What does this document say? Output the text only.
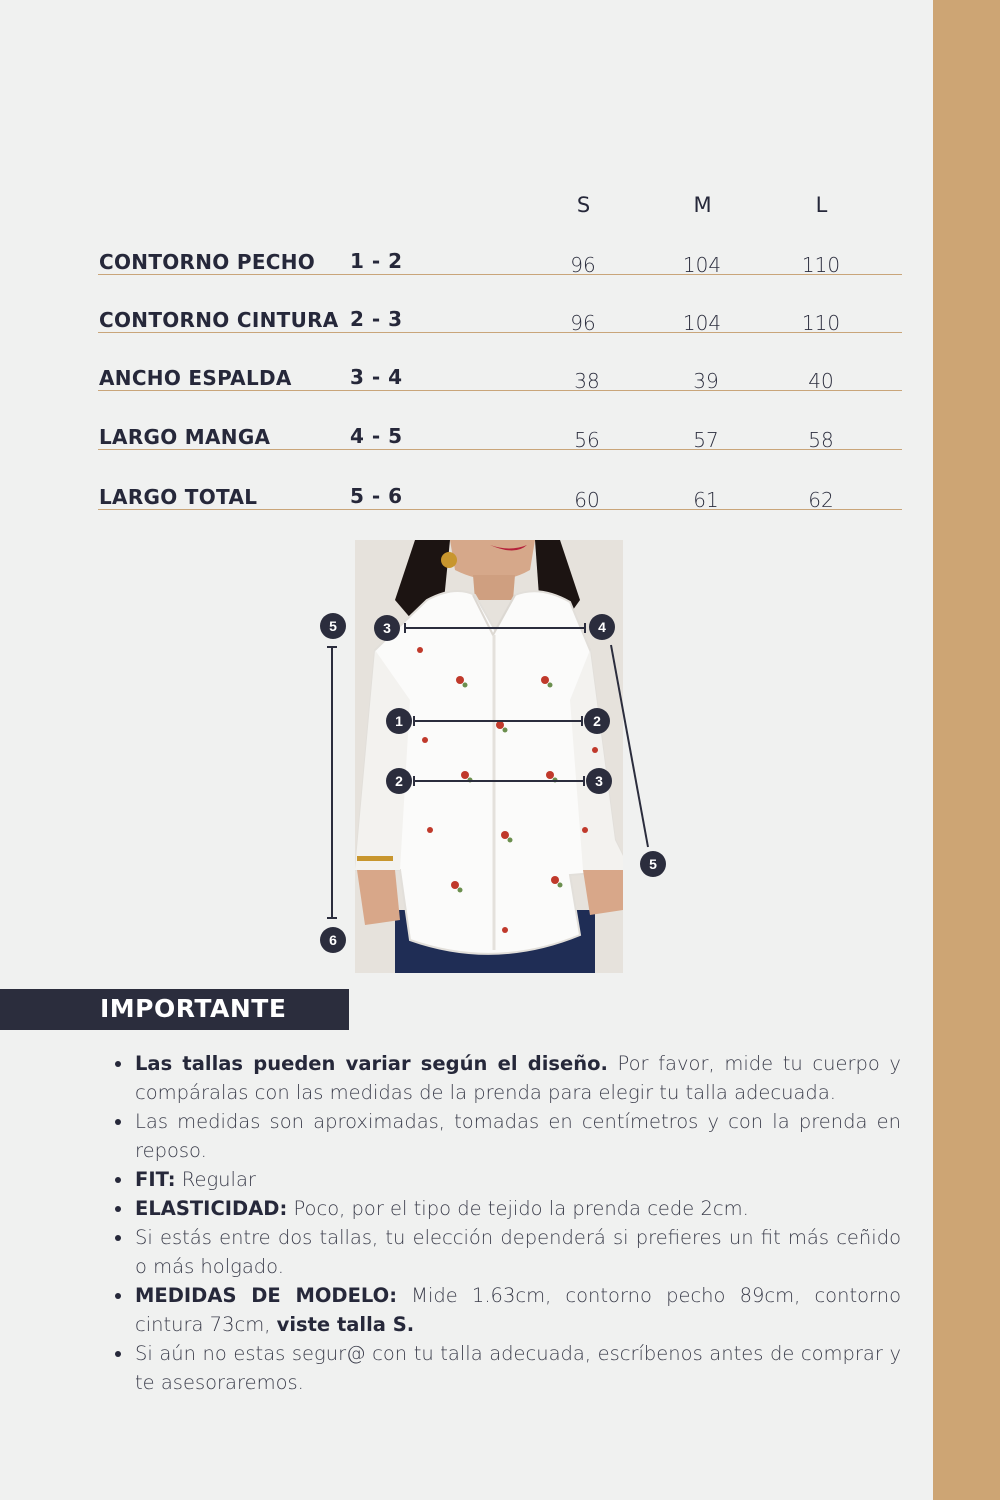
S	M	L
CONTORNO PECHO 1 - 2	96	104	110
CONTORNO CINTURA 2 - 3	96	104	110
ANCHO ESPALDA	3 - 4	38	39	40
LARGO MANGA	4 - 5	56	57	58
LARGO TOTAL	5 - 6	60	61	62
5	3	4
1	2
2	3
5
6
IMPORTANTE
Las tallas pueden variar según el diseño. Por favor, mide tu cuerpo y compáralas con las medidas de la prenda para elegir tu talla adecuada.
Las medidas son aproximadas, tomadas en centímetros y con la prenda en reposo.
FIT: Regular
ELASTICIDAD: Poco, por el tipo de tejido la prenda cede 2cm.
Si estás entre dos tallas, tu elección dependerá si prefieres un fit más ceñido o más holgado.
MEDIDAS DE MODELO: Mide 1.63cm, contorno pecho 89cm, contorno cintura 73cm, viste talla S.
Si aún no estas segur@ con tu talla adecuada, escríbenos antes de comprar y te asesoraremos.
